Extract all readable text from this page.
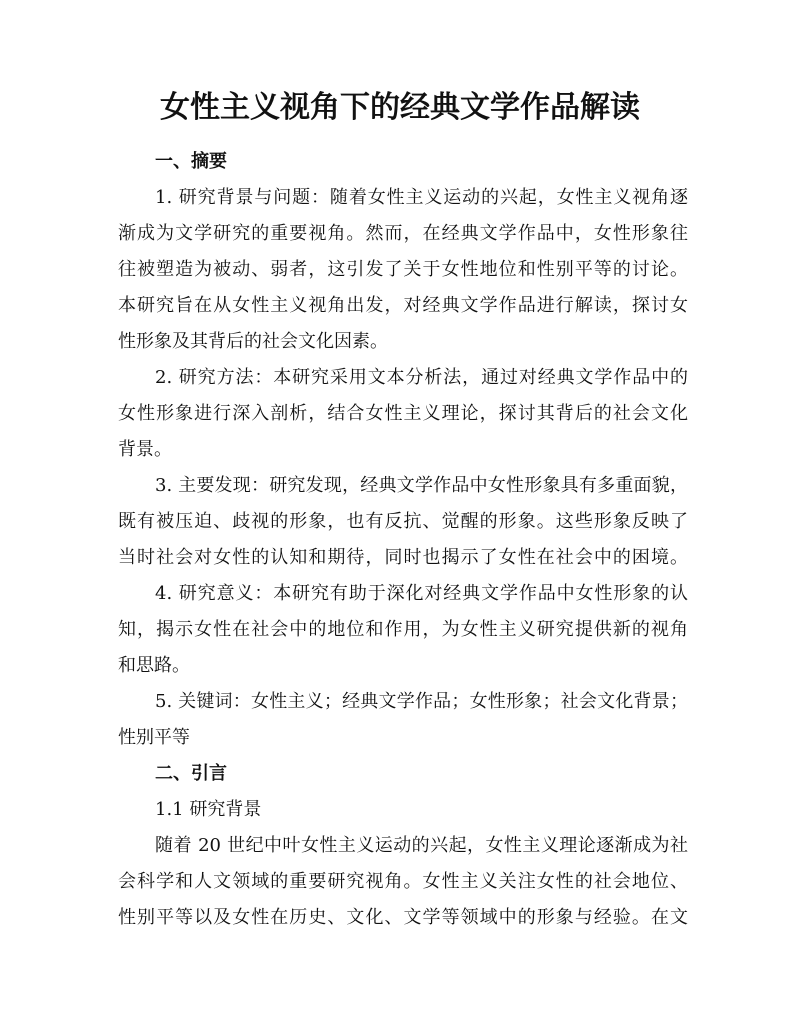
女性主义视角下的经典文学作品解读
一、摘要
1. 研究背景与问题：随着女性主义运动的兴起，女性主义视角逐
渐成为文学研究的重要视角。然而，在经典文学作品中，女性形象往
往被塑造为被动、弱者，这引发了关于女性地位和性别平等的讨论。
本研究旨在从女性主义视角出发，对经典文学作品进行解读，探讨女
性形象及其背后的社会文化因素。
2. 研究方法：本研究采用文本分析法，通过对经典文学作品中的
女性形象进行深入剖析，结合女性主义理论，探讨其背后的社会文化
背景。
3. 主要发现：研究发现，经典文学作品中女性形象具有多重面貌，
既有被压迫、歧视的形象，也有反抗、觉醒的形象。这些形象反映了
当时社会对女性的认知和期待，同时也揭示了女性在社会中的困境。
4. 研究意义：本研究有助于深化对经典文学作品中女性形象的认
知，揭示女性在社会中的地位和作用，为女性主义研究提供新的视角
和思路。
5. 关键词：女性主义；经典文学作品；女性形象；社会文化背景；
性别平等
二、引言
1.1 研究背景
随着 20 世纪中叶女性主义运动的兴起，女性主义理论逐渐成为社
会科学和人文领域的重要研究视角。女性主义关注女性的社会地位、
性别平等以及女性在历史、文化、文学等领域中的形象与经验。在文
